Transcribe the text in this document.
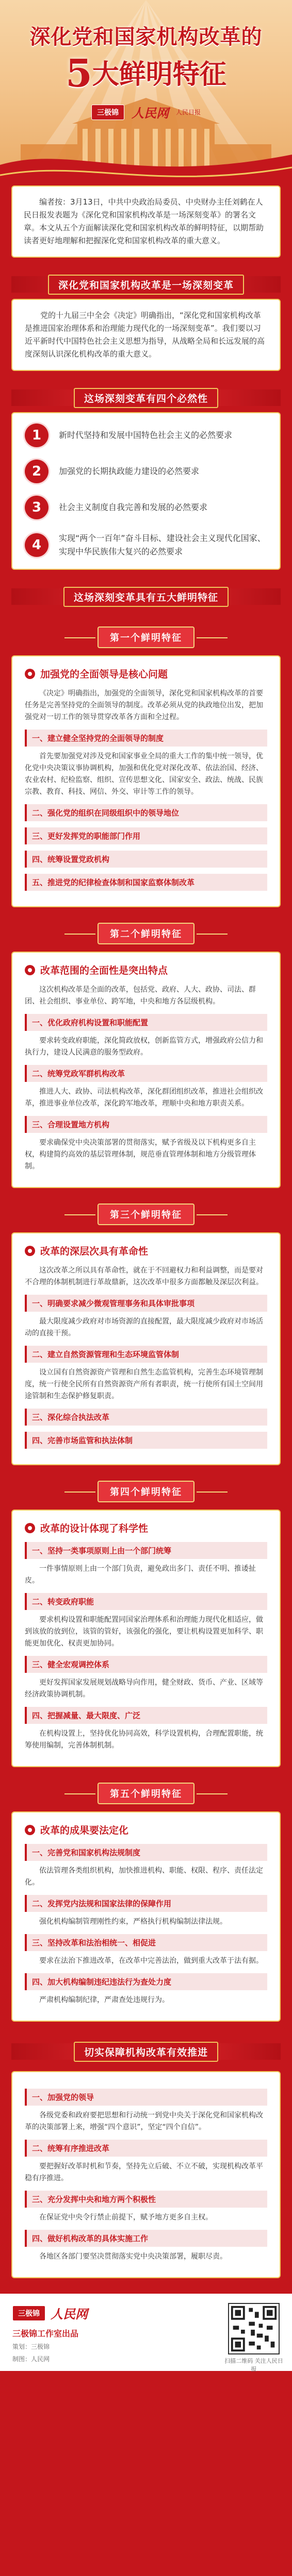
深化党和国家机构改革的
5大鲜明特征
三极锦	人民网 人民日报
编者按：3月13日，中共中央政治局委员、中央财办主任刘鹤在人民日报发表题为《深化党和国家机构改革是一场深刻变革》的署名文章。本文从五个方面解读深化党和国家机构改革的鲜明特征，以期帮助读者更好地理解和把握深化党和国家机构改革的重大意义。
深化党和国家机构改革是一场深刻变革

党的十九届三中全会《决定》明确指出，“深化党和国家机构改革是推进国家治理体系和治理能力现代化的一场深刻变革”。我们要以习近平新时代中国特色社会主义思想为指导，从战略全局和长远发展的高度深刻认识深化机构改革的重大意义。

这场深刻变革有四个必然性
1	新时代坚持和发展中国特色社会主义的必然要求
2	加强党的长期执政能力建设的必然要求
3	社会主义制度自我完善和发展的必然要求
4	实现“两个一百年”奋斗目标、建设社会主义现代化国家、实现中华民族伟大复兴的必然要求
这场深刻变革具有五大鲜明特征
第一个鲜明特征
加强党的全面领导是核心问题

《决定》明确指出，加强党的全面领导，深化党和国家机构改革的首要任务是完善坚持党的全面领导的制度。改革必须从党的执政地位出发，把加强党对一切工作的领导贯穿改革各方面和全过程。

一、建立健全坚持党的全面领导的制度

首先要加强党对涉及党和国家事业全局的重大工作的集中统一领导，优化党中央决策议事协调机构，加强和优化党对深化改革、依法治国、经济、农业农村、纪检监察、组织、宣传思想文化、国家安全、政法、统战、民族宗教、教育、科技、网信、外交、审计等工作的领导。

二、强化党的组织在同级组织中的领导地位
三、更好发挥党的职能部门作用
四、统筹设置党政机构
五、推进党的纪律检查体制和国家监察体制改革
第二个鲜明特征
改革范围的全面性是突出特点

这次机构改革是全面的改革，包括党、政府、人大、政协、司法、群团、社会组织、事业单位、跨军地，中央和地方各层级机构。

一、优化政府机构设置和职能配置

要求转变政府职能，深化简政放权，创新监管方式，增强政府公信力和执行力，建设人民满意的服务型政府。

二、统筹党政军群机构改革

推进人大、政协、司法机构改革，深化群团组织改革，推进社会组织改革，推进事业单位改革，深化跨军地改革，理顺中央和地方职责关系。

三、合理设置地方机构

要求确保党中央决策部署的贯彻落实，赋予省级及以下机构更多自主权，构建简约高效的基层管理体制，规范垂直管理体制和地方分级管理体制。

第三个鲜明特征
改革的深层次具有革命性

这次改革之所以具有革命性，就在于不回避权力和利益调整，而是要对不合理的体制机制进行革故鼎新，这次改革中很多方面都触及深层次利益。

一、明确要求减少微观管理事务和具体审批事项

最大限度减少政府对市场资源的直接配置，最大限度减少政府对市场活动的直接干预。

二、建立自然资源管理和生态环境监管体制

设立国有自然资源资产管理和自然生态监管机构，完善生态环境管理制度，统一行使全民所有自然资源资产所有者职责，统一行使所有国土空间用途管制和生态保护修复职责。

三、深化综合执法改革
四、完善市场监管和执法体制
第四个鲜明特征
改革的设计体现了科学性
一、坚持一类事项原则上由一个部门统筹

一件事情原则上由一个部门负责，避免政出多门、责任不明、推诿扯皮。

二、转变政府职能

要求机构设置和职能配置同国家治理体系和治理能力现代化相适应，做到该放的放到位，该管的管好，该强化的强化，要让机构设置更加科学、职能更加优化、权责更加协同。

三、健全宏观调控体系

更好发挥国家发展规划战略导向作用，健全财政、货币、产业、区域等经济政策协调机制。

四、把握减量、最大限度、广泛

在机构设置上，坚持优化协同高效，科学设置机构，合理配置职能，统筹使用编制，完善体制机制。

第五个鲜明特征
改革的成果要法定化
一、完善党和国家机构法规制度

依法管理各类组织机构，加快推进机构、职能、权限、程序、责任法定化。

二、发挥党内法规和国家法律的保障作用

强化机构编制管理刚性约束，严格执行机构编制法律法规。

三、坚持改革和法治相统一、相促进

要求在法治下推进改革，在改革中完善法治，做到重大改革于法有据。

四、加大机构编制违纪违法行为查处力度

严肃机构编制纪律，严肃查处违规行为。

切实保障机构改革有效推进
一、加强党的领导

各级党委和政府要把思想和行动统一到党中央关于深化党和国家机构改革的决策部署上来，增强“四个意识”，坚定“四个自信”。

二、统筹有序推进改革

要把握好改革时机和节奏，坚持先立后破、不立不破，实现机构改革平稳有序推进。

三、充分发挥中央和地方两个积极性

在保证党中央令行禁止前提下，赋予地方更多自主权。

四、做好机构改革的具体实施工作

各地区各部门要坚决贯彻落实党中央决策部署，履职尽责。

三极锦 人民网
三极锦工作室出品
策划：三极锦
制图：人民网	扫描二维码 关注人民日报
